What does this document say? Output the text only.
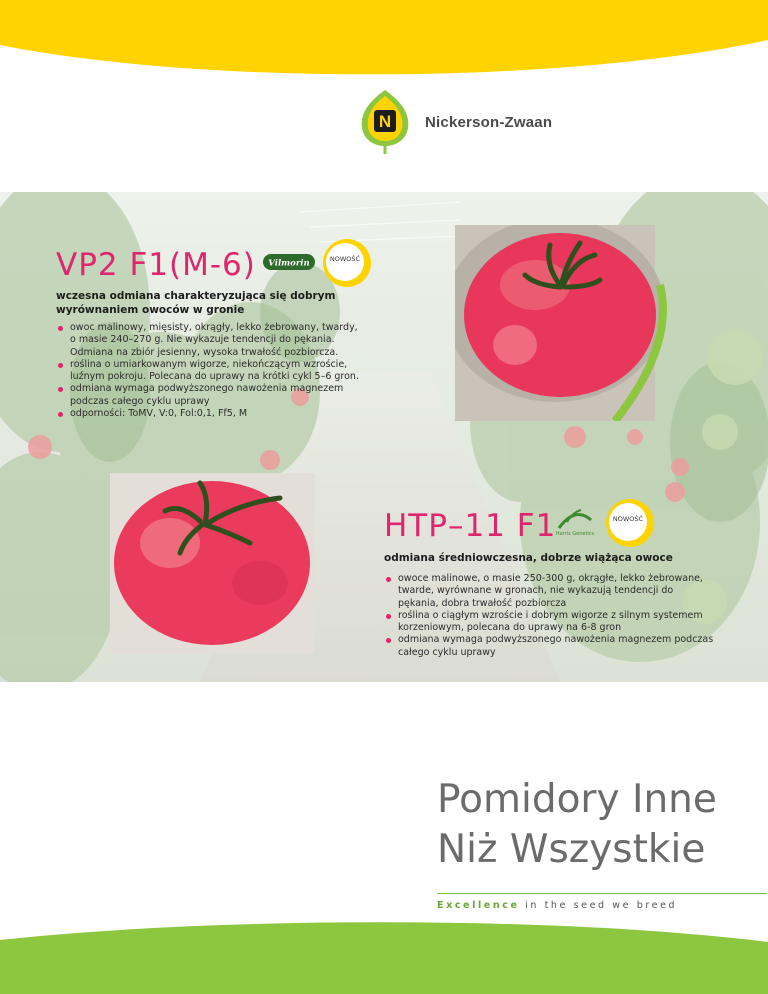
N Nickerson-Zwaan
VP2 F1(M-6) Vilmorin	NOWOŚĆ
wczesna odmiana charakteryzująca się dobrym wyrównaniem owoców w gronie
owoc malinowy, mięsisty, okrągły, lekko żebrowany, twardy, o masie 240–270 g. Nie wykazuje tendencji do pękania. Odmiana na zbiór jesienny, wysoka trwałość pozbiorcza.
roślina o umiarkowanym wigorze, niekończącym wzroście, luźnym pokroju. Polecana do uprawy na krótki cykl 5–6 gron.
odmiana wymaga podwyższonego nawożenia magnezem podczas całego cyklu uprawy
odporności: ToMV, V:0, Fol:0,1, Ff5, M
HTP–11 F1 Harris Genetics
NOWOŚĆ
odmiana średniowczesna, dobrze wiążąca owoce
owoce malinowe, o masie 250-300 g, okrągłe, lekko żebrowane, twarde, wyrównane w gronach, nie wykazują tendencji do pękania, dobra trwałość pozbiorcza
roślina o ciągłym wzroście i dobrym wigorze z silnym systemem korzeniowym, polecana do uprawy na 6-8 gron
odmiana wymaga podwyższonego nawożenia magnezem podczas całego cyklu uprawy
Pomidory Inne
Niż Wszystkie
Excellence in the seed we breed
